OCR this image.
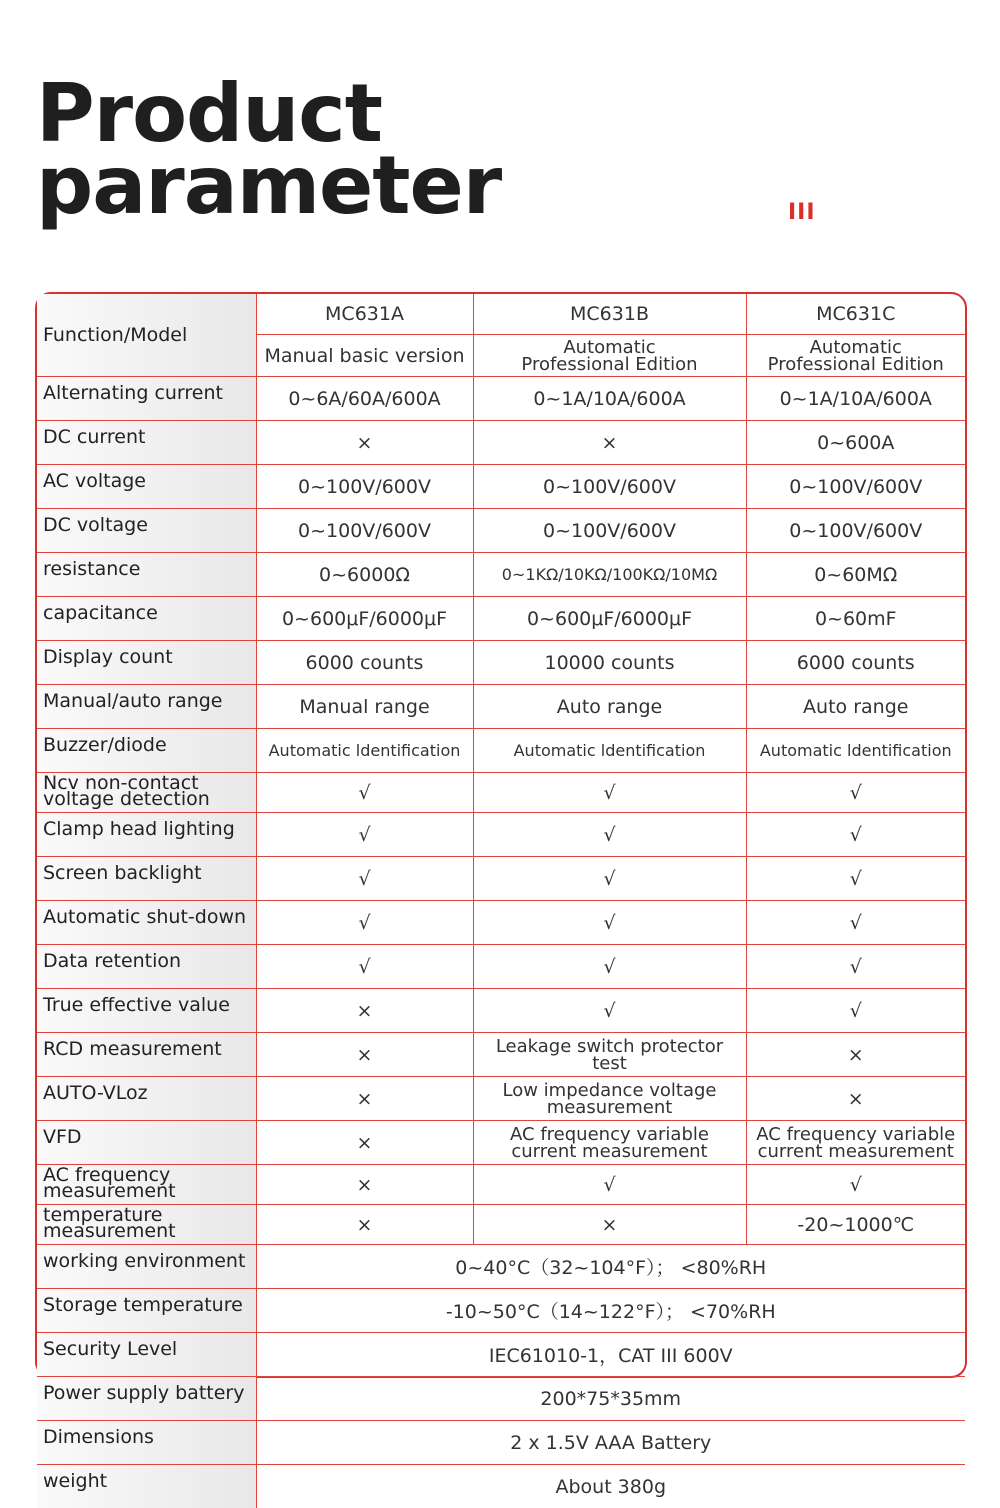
Product
parameter	III
Function/Model	MC631A	MC631B	MC631C
	Manual basic version	Automatic Professional Edition	Automatic Professional Edition
Alternating current	0~6A/60A/600A	0~1A/10A/600A	0~1A/10A/600A
DC current	×	×	0~600A
AC voltage	0~100V/600V	0~100V/600V	0~100V/600V
DC voltage	0~100V/600V	0~100V/600V	0~100V/600V
resistance	0~6000Ω	0~1KΩ/10KΩ/100KΩ/10MΩ	0~60MΩ
capacitance	0~600μF/6000μF	0~600μF/6000μF	0~60mF
Display count	6000 counts	10000 counts	6000 counts
Manual/auto range	Manual range	Auto range	Auto range
Buzzer/diode	Automatic ldentification	Automatic ldentification	Automatic ldentification
Ncv non-contact voltage detection	√	√	√
Clamp head lighting	√	√	√
Screen backlight	√	√	√
Automatic shut-down	√	√	√
Data retention	√	√	√
True effective value	×	√	√
RCD measurement	×	Leakage switch protector test	×
AUTO-VLoz	×	Low impedance voltage measurement	×
VFD	×	AC frequency variable current measurement	AC frequency variable current measurement
AC frequency measurement	×	√	√
temperature measurement	×	×	-20~1000℃
working environment	0~40°C（32~104°F）； <80%RH		
Storage temperature	-10~50°C（14~122°F）； <70%RH		
Security Level	IEC61010-1，CAT III 600V		
Power supply battery	200*75*35mm		
Dimensions	2 x 1.5V AAA Battery		
weight	About 380g		
